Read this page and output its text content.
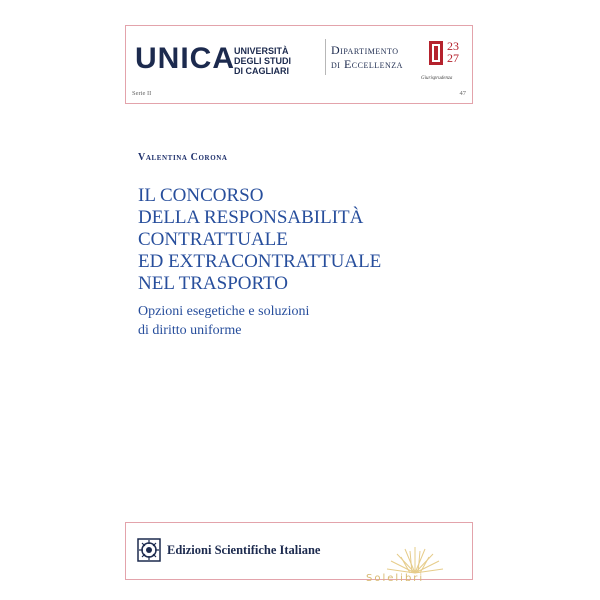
UNICA
UNIVERSITÀ
DEGLI STUDI
DI CAGLIARI
Dipartimento
di Eccellenza
23
27
Giurisprudenza
Serie II	47
Valentina Corona
IL CONCORSO
DELLA RESPONSABILITÀ
CONTRATTUALE
ED EXTRACONTRATTUALE
NEL TRASPORTO
Opzioni esegetiche e soluzioni
di diritto uniforme
Edizioni Scientifiche Italiane
Solelibri
